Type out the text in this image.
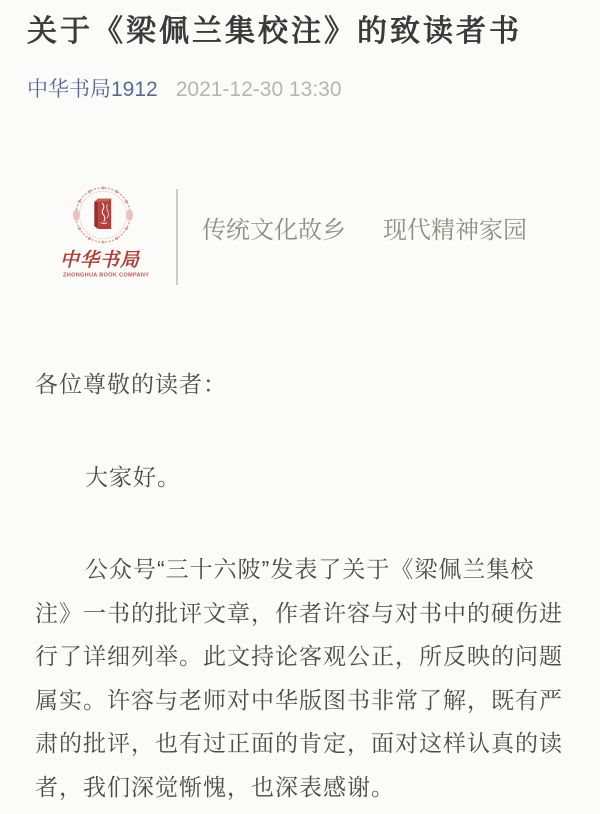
关于《梁佩兰集校注》的致读者书
中华书局1912 2021-12-30 13:30
中华书局
ZHONGHUA BOOK COMPANY
传统文化故乡 现代精神家园
各位尊敬的读者：
大家好。
公众号“三十六陂”发表了关于《梁佩兰集校
注》一书的批评文章，作者许容与对书中的硬伤进
行了详细列举。此文持论客观公正，所反映的问题
属实。许容与老师对中华版图书非常了解，既有严
肃的批评，也有过正面的肯定，面对这样认真的读
者，我们深觉惭愧，也深表感谢。
